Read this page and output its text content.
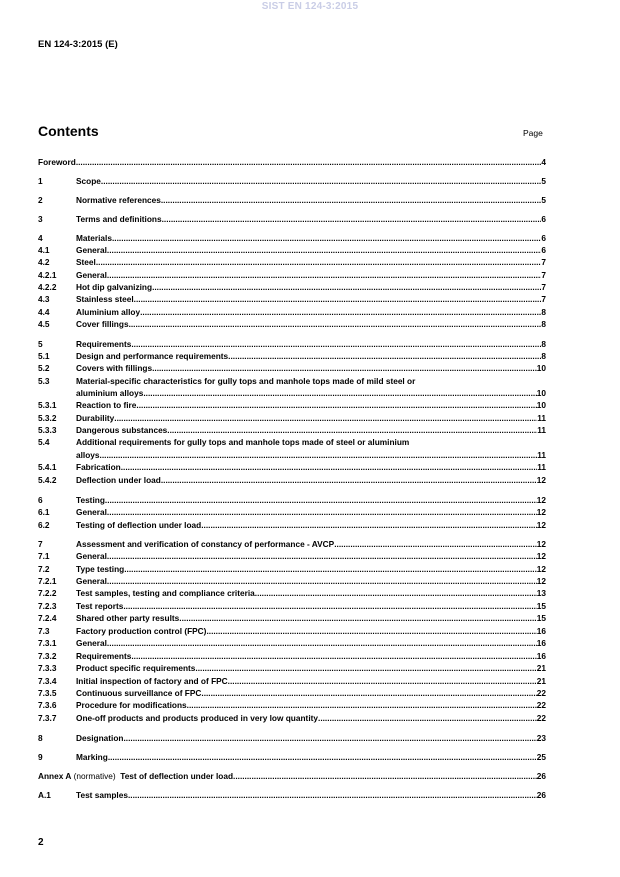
SIST EN 124-3:2015
EN 124-3:2015 (E)
Contents	Page
Foreword .....	4
1	Scope .....	5
2	Normative references .....	5
3	Terms and definitions .....	6
4	Materials .....	6
4.1	General .....	6
4.2	Steel .....	7
4.2.1 General .....	7
4.2.2 Hot dip galvanizing .....	7
4.3	Stainless steel .....	7
4.4	Aluminium alloy .....	8
4.5	Cover fillings .....	8
5	Requirements .....	8
5.1	Design and performance requirements .....	8
5.2	Covers with fillings .....	10
5.3	Material-specific characteristics for gully tops and manhole tops made of mild steel or
aluminium alloys .....	10
5.3.1 Reaction to fire .....	10
5.3.2 Durability .....	11
5.3.3 Dangerous substances .....	11
5.4	Additional requirements for gully tops and manhole tops made of steel or aluminium
alloys .....	11
5.4.1 Fabrication .....	11
5.4.2 Deflection under load .....	12
6	Testing .....	12
6.1	General .....	12
6.2	Testing of deflection under load .....	12
7	Assessment and verification of constancy of performance - AVCP .....	12
7.1	General .....	12
7.2	Type testing .....	12
7.2.1 General .....	12
7.2.2 Test samples, testing and compliance criteria .....	13
7.2.3 Test reports .....	15
7.2.4 Shared other party results .....	15
7.3	Factory production control (FPC) .....	16
7.3.1 General .....	16
7.3.2 Requirements .....	16
7.3.3 Product specific requirements .....	21
7.3.4 Initial inspection of factory and of FPC .....	21
7.3.5 Continuous surveillance of FPC .....	22
7.3.6 Procedure for modifications .....	22
7.3.7 One-off products and products produced in very low quantity .....	22
8	Designation .....	23
9	Marking .....	25
Annex A (normative)  Test of deflection under load .....	26
A.1	Test samples .....	26
2
